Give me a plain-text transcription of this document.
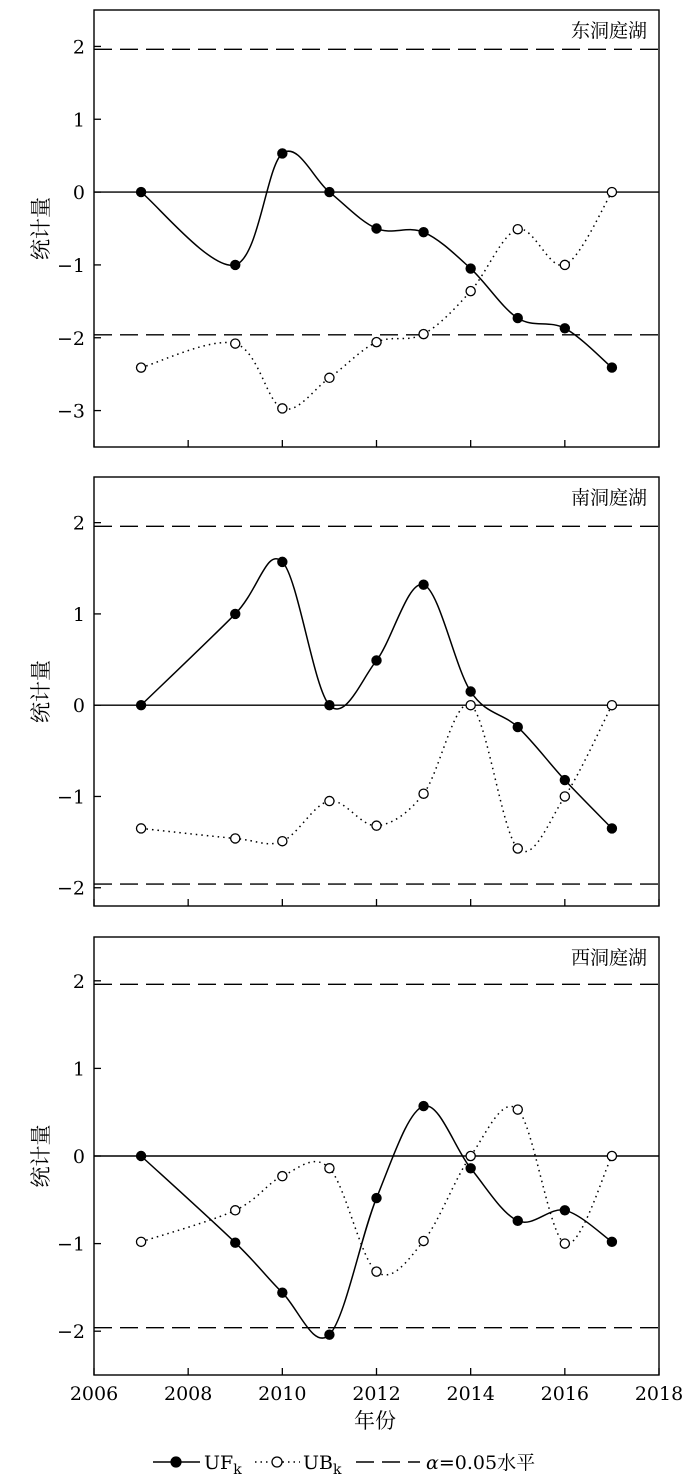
2
1
0
−1
−2
−3
东洞庭湖
统计量
2
1
0
−1
−2
南洞庭湖
统计量
2
1
0
−1
−2
2006 2008 2010 2012 2014 2016 2018
西洞庭湖
统计量
年份
$UF_k$	$UB_k$	α=0.05水平
